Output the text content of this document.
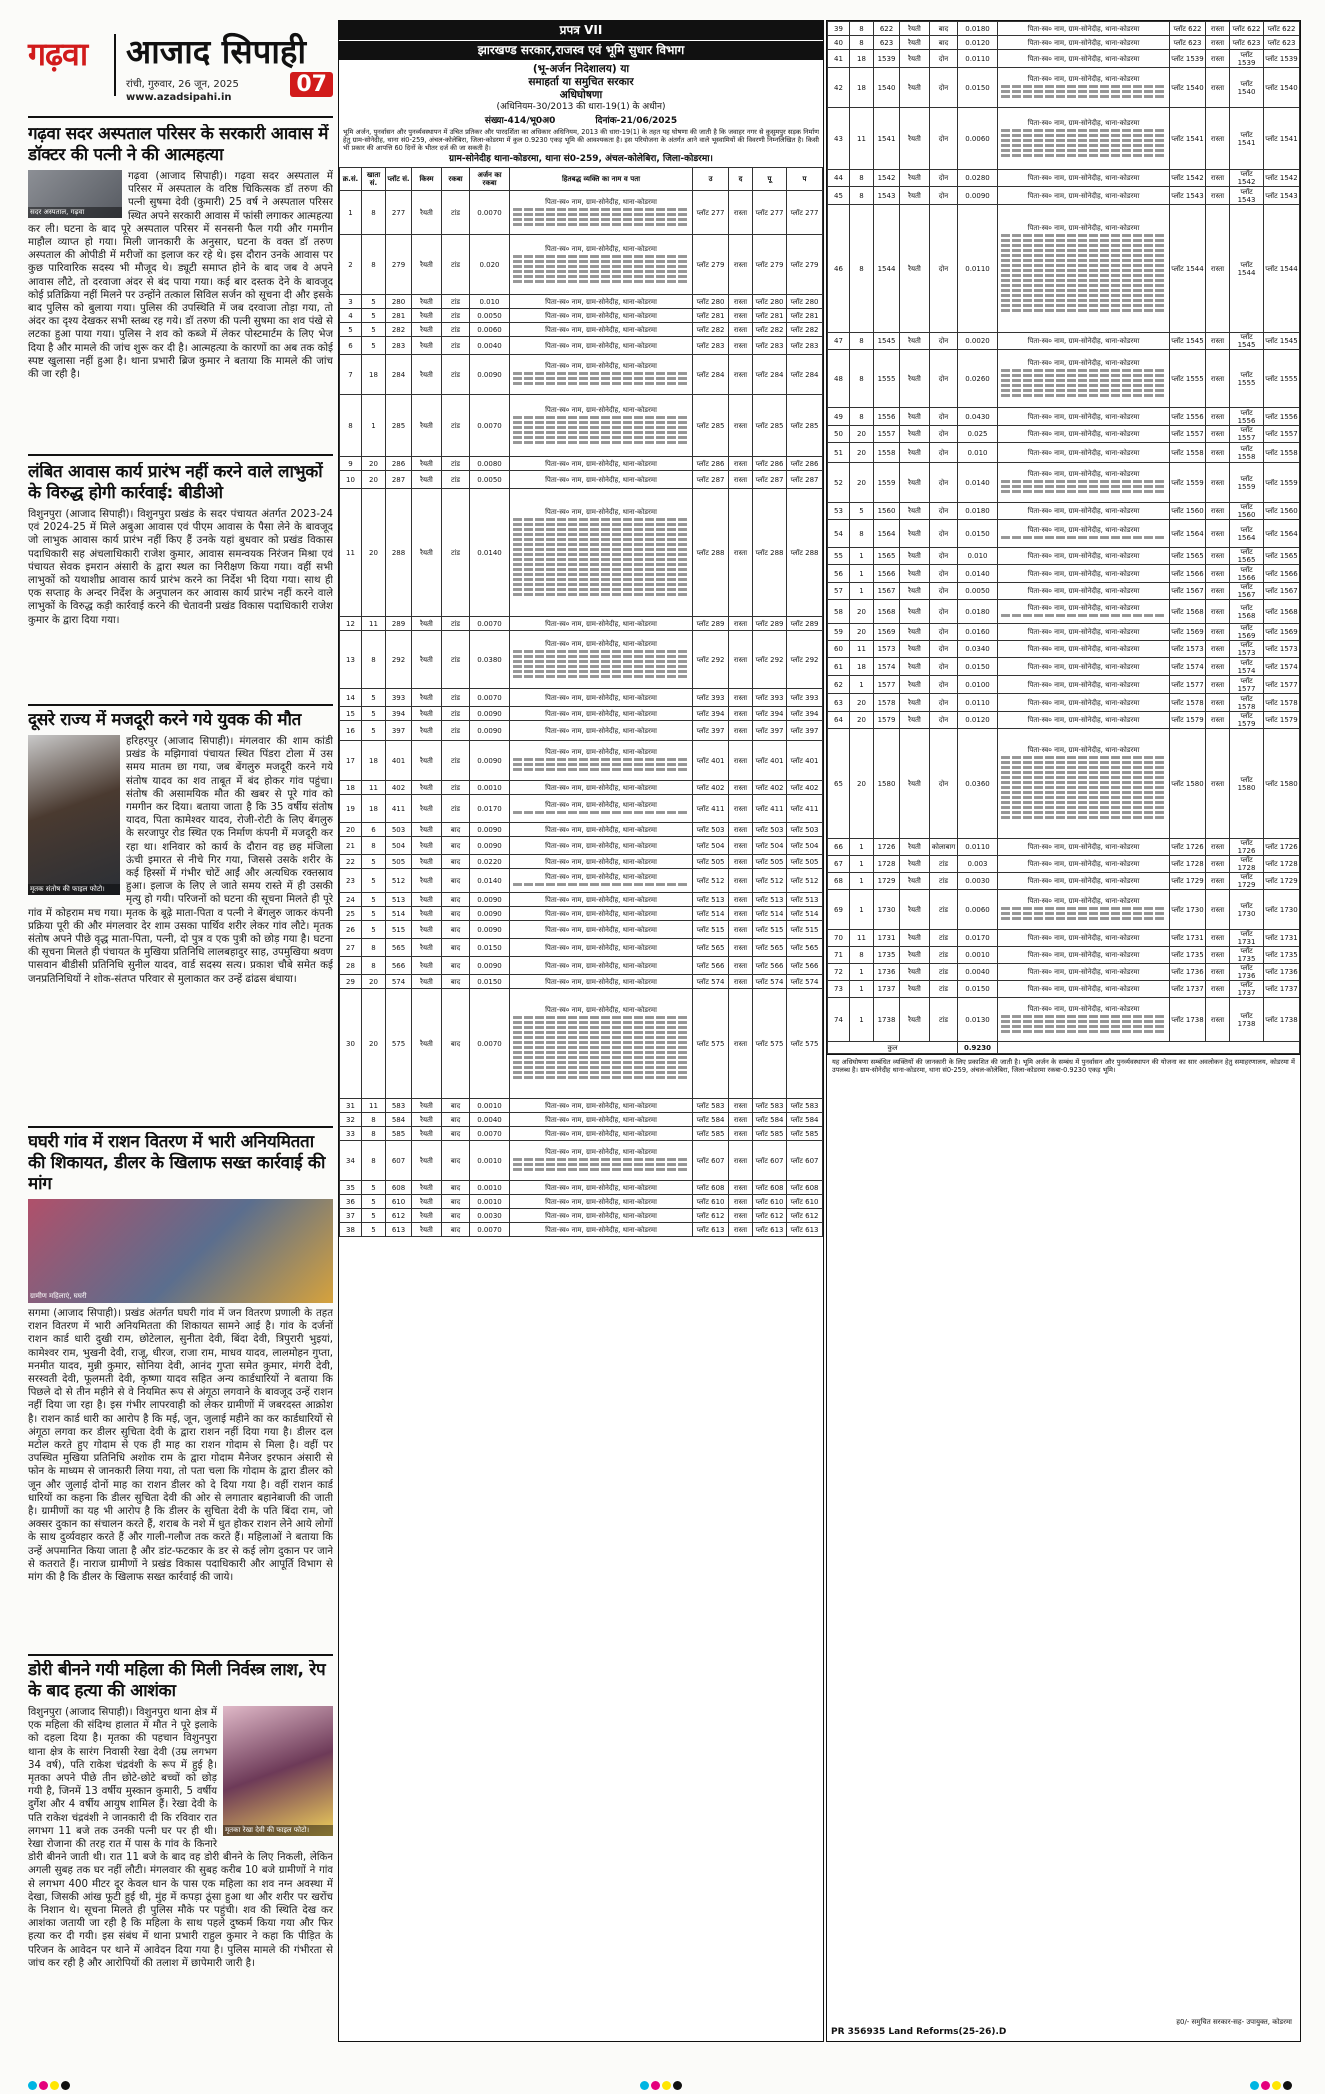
गढ़वा आजाद सिपाही
रांची, गुरुवार, 26 जून, 2025
www.azadsipahi.in
07
गढ़वा सदर अस्पताल परिसर के सरकारी आवास में डॉक्टर की पत्नी ने की आत्महत्या
सदर अस्पताल, गढ़वा

गढ़वा (आजाद सिपाही)। गढ़वा सदर अस्पताल में परिसर में अस्पताल के वरिष्ठ चिकित्सक डॉ तरुण की पत्नी सुषमा देवी (कुमारी) 25 वर्ष ने अस्पताल परिसर स्थित अपने सरकारी आवास में फांसी लगाकर आत्महत्या कर ली। घटना के बाद पूरे अस्पताल परिसर में सनसनी फैल गयी और गमगीन माहौल व्याप्त हो गया। मिली जानकारी के अनुसार, घटना के वक्त डॉ तरुण अस्पताल की ओपीडी में मरीजों का इलाज कर रहे थे। इस दौरान उनके आवास पर कुछ पारिवारिक सदस्य भी मौजूद थे। ड्यूटी समाप्त होने के बाद जब वे अपने आवास लौटे, तो दरवाजा अंदर से बंद पाया गया। कई बार दस्तक देने के बावजूद कोई प्रतिक्रिया नहीं मिलने पर उन्होंने तत्काल सिविल सर्जन को सूचना दी और इसके बाद पुलिस को बुलाया गया। पुलिस की उपस्थिति में जब दरवाजा तोड़ा गया, तो अंदर का दृश्य देखकर सभी स्तब्ध रह गये। डॉ तरुण की पत्नी सुषमा का शव पंखे से लटका हुआ पाया गया। पुलिस ने शव को कब्जे में लेकर पोस्टमार्टम के लिए भेज दिया है और मामले की जांच शुरू कर दी है। आत्महत्या के कारणों का अब तक कोई स्पष्ट खुलासा नहीं हुआ है। थाना प्रभारी ब्रिज कुमार ने बताया कि मामले की जांच की जा रही है।

लंबित आवास कार्य प्रारंभ नहीं करने वाले लाभुकों के विरुद्ध होगी कार्रवाई: बीडीओ

विशुनपुरा (आजाद सिपाही)। विशुनपुरा प्रखंड के सदर पंचायत अंतर्गत 2023-24 एवं 2024-25 में मिले अबुआ आवास एवं पीएम आवास के पैसा लेने के बावजूद जो लाभुक आवास कार्य प्रारंभ नहीं किए हैं उनके यहां बुधवार को प्रखंड विकास पदाधिकारी सह अंचलाधिकारी राजेश कुमार, आवास समन्वयक निरंजन मिश्रा एवं पंचायत सेवक इमरान अंसारी के द्वारा स्थल का निरीक्षण किया गया। वहीं सभी लाभुकों को यथाशीघ्र आवास कार्य प्रारंभ करने का निर्देश भी दिया गया। साथ ही एक सप्ताह के अन्दर निर्देश के अनुपालन कर आवास कार्य प्रारंभ नहीं करने वाले लाभुकों के विरुद्ध कड़ी कार्रवाई करने की चेतावनी प्रखंड विकास पदाधिकारी राजेश कुमार के द्वारा दिया गया।

दूसरे राज्य में मजदूरी करने गये युवक की मौत
मृतक संतोष की फाइल फोटो।

हरिहरपुर (आजाद सिपाही)। मंगलवार की शाम कांडी प्रखंड के मझिगावां पंचायत स्थित पिंडरा टोला में उस समय मातम छा गया, जब बेंगलुरु मजदूरी करने गये संतोष यादव का शव ताबूत में बंद होकर गांव पहुंचा। संतोष की असामयिक मौत की खबर से पूरे गांव को गमगीन कर दिया। बताया जाता है कि 35 वर्षीय संतोष यादव, पिता कामेश्वर यादव, रोजी-रोटी के लिए बेंगलुरु के सरजापुर रोड स्थित एक निर्माण कंपनी में मजदूरी कर रहा था। शनिवार को कार्य के दौरान वह छह मंजिला ऊंची इमारत से नीचे गिर गया, जिससे उसके शरीर के कई हिस्सों में गंभीर चोटें आईं और अत्यधिक रक्तस्राव हुआ। इलाज के लिए ले जाते समय रास्ते में ही उसकी मृत्यु हो गयी। परिजनों को घटना की सूचना मिलते ही पूरे गांव में कोहराम मच गया। मृतक के बूढ़े माता-पिता व पत्नी ने बेंगलुरु जाकर कंपनी प्रक्रिया पूरी की और मंगलवार देर शाम उसका पार्थिव शरीर लेकर गांव लौटे। मृतक संतोष अपने पीछे वृद्ध माता-पिता, पत्नी, दो पुत्र व एक पुत्री को छोड़ गया है। घटना की सूचना मिलते ही पंचायत के मुखिया प्रतिनिधि लालबहादुर साह, उपमुखिया श्रवण पासवान बीडीसी प्रतिनिधि सुनील यादव, वार्ड सदस्य सत्य। प्रकाश चौबे समेत कई जनप्रतिनिधियों ने शोक-संतप्त परिवार से मुलाकात कर उन्हें ढांढस बंधाया।

घघरी गांव में राशन वितरण में भारी अनियमितता की शिकायत, डीलर के खिलाफ सख्त कार्रवाई की मांग
ग्रामीण महिलाएं, घघरी

सगमा (आजाद सिपाही)। प्रखंड अंतर्गत घघरी गांव में जन वितरण प्रणाली के तहत राशन वितरण में भारी अनियमितता की शिकायत सामने आई है। गांव के दर्जनों राशन कार्ड धारी दुखी राम, छोटेलाल, सुनीता देवी, बिंदा देवी, त्रिपुरारी भुइयां, कामेश्वर राम, भुखनी देवी, राजू, धीरज, राजा राम, माधव यादव, लालमोहन गुप्ता, मनमीत यादव, मुन्नी कुमार, सोनिया देवी, आनंद गुप्ता समेत कुमार, मंगरी देवी, सरस्वती देवी, फूलमती देवी, कृष्णा यादव सहित अन्य कार्डधारियों ने बताया कि पिछले दो से तीन महीने से वे नियमित रूप से अंगूठा लगवाने के बावजूद उन्हें राशन नहीं दिया जा रहा है। इस गंभीर लापरवाही को लेकर ग्रामीणों में जबरदस्त आक्रोश है। राशन कार्ड धारी का आरोप है कि मई, जून, जुलाई महीने का कर कार्डधारियों से अंगूठा लगवा कर डीलर सुचिता देवी के द्वारा राशन नहीं दिया गया है। डीलर दल मटोल करते हुए गोदाम से एक ही माह का राशन गोदाम से मिला है। वहीं पर उपस्थित मुखिया प्रतिनिधि अशोक राम के द्वारा गोदाम मैनेजर इरफान अंसारी से फोन के माध्यम से जानकारी लिया गया, तो पता चला कि गोदाम के द्वारा डीलर को जून और जुलाई दोनों माह का राशन डीलर को दे दिया गया है। वहीं राशन कार्ड धारियों का कहना कि डीलर सुचिता देवी की ओर से लगातार बहानेबाजी की जाती है। ग्रामीणों का यह भी आरोप है कि डीलर के सुचिता देवी के पति बिंदा राम, जो अक्सर दुकान का संचालन करते हैं, शराब के नशे में धुत होकर राशन लेने आये लोगों के साथ दुर्व्यवहार करते हैं और गाली-गलौज तक करते हैं। महिलाओं ने बताया कि उन्हें अपमानित किया जाता है और डांट-फटकार के डर से कई लोग दुकान पर जाने से कतराते हैं। नाराज ग्रामीणों ने प्रखंड विकास पदाधिकारी और आपूर्ति विभाग से मांग की है कि डीलर के खिलाफ सख्त कार्रवाई की जाये।

डोरी बीनने गयी महिला की मिली निर्वस्त्र लाश, रेप के बाद हत्या की आशंका
मृतका रेखा देवी की फाइल फोटो।

विशुनपुरा (आजाद सिपाही)। विशुनपुरा थाना क्षेत्र में एक महिला की संदिग्ध हालात में मौत ने पूरे इलाके को दहला दिया है। मृतका की पहचान विशुनपुरा थाना क्षेत्र के सारंग निवासी रेखा देवी (उम्र लगभग 34 वर्ष), पति राकेश चंद्रवंशी के रूप में हुई है। मृतका अपने पीछे तीन छोटे-छोटे बच्चों को छोड़ गयी है, जिनमें 13 वर्षीय मुस्कान कुमारी, 5 वर्षीय दुर्गेश और 4 वर्षीय आयुष शामिल हैं। रेखा देवी के पति राकेश चंद्रवंशी ने जानकारी दी कि रविवार रात लगभग 11 बजे तक उनकी पत्नी घर पर ही थी। रेखा रोजाना की तरह रात में पास के गांव के किनारे डोरी बीनने जाती थी। रात 11 बजे के बाद वह डोरी बीनने के लिए निकली, लेकिन अगली सुबह तक घर नहीं लौटी। मंगलवार की सुबह करीब 10 बजे ग्रामीणों ने गांव से लगभग 400 मीटर दूर केवल धान के पास एक महिला का शव नग्न अवस्था में देखा, जिसकी आंख फूटी हुई थी, मुंह में कपड़ा ठूंसा हुआ था और शरीर पर खरोंच के निशान थे। सूचना मिलते ही पुलिस मौके पर पहुंची। शव की स्थिति देख कर आशंका जतायी जा रही है कि महिला के साथ पहले दुष्कर्म किया गया और फिर हत्या कर दी गयी। इस संबंध में थाना प्रभारी राहुल कुमार ने कहा कि पीड़ित के परिजन के आवेदन पर थाने में आवेदन दिया गया है। पुलिस मामले की गंभीरता से जांच कर रही है और आरोपियों की तलाश में छापेमारी जारी है।

प्रपत्र VII
झारखण्ड सरकार,राजस्व एवं भूमि सुधार विभाग
(भू-अर्जन निदेशालय) या
समाहर्ता या समुचित सरकार
अधिघोषणा
(अधिनियम-30/2013 की धारा-19(1) के अधीन)
संख्या-414/भू0अ0	दिनांक-21/06/2025
भूमि अर्जन, पुनर्वासन और पुनर्व्यवस्थापन में उचित प्रतिकर और पारदर्शिता का अधिकार अधिनियम, 2013 की धारा-19(1) के तहत यह घोषणा की जाती है कि जवाहर नगर से कुसुमपुर सड़क निर्माण हेतु ग्राम-सोनेदीह, थाना सं0-259, अंचल-कोलेबिरा, जिला-कोडरमा में कुल 0.9230 एकड़ भूमि की आवश्यकता है। इस परियोजना के अंतर्गत आने वाले भूस्वामियों की विवरणी निम्नलिखित है। किसी भी प्रकार की आपत्ति 60 दिनों के भीतर दर्ज की जा सकती है।
ग्राम-सोनेदीह थाना-कोडरमा, थाना सं0-259, अंचल-कोलेबिरा, जिला-कोडरमा।
क्र.सं.	खाता सं.	प्लॉट सं.	किस्म	रकबा	अर्जन का रकबा	हितबद्ध व्यक्ति का नाम व पता	उ	द	पू	प
1	8	277	रैयती	टांड	0.0070	पिता-स्व० नाम, ग्राम-सोनेदीह, थाना-कोडरमा	प्लॉट 277	रास्ता	प्लॉट 277	प्लॉट 277
2	8	279	रैयती	टांड	0.020	पिता-स्व० नाम, ग्राम-सोनेदीह, थाना-कोडरमा	प्लॉट 279	रास्ता	प्लॉट 279	प्लॉट 279
3	5	280	रैयती	टांड	0.010	पिता-स्व० नाम, ग्राम-सोनेदीह, थाना-कोडरमा	प्लॉट 280	रास्ता	प्लॉट 280	प्लॉट 280
4	5	281	रैयती	टांड	0.0050	पिता-स्व० नाम, ग्राम-सोनेदीह, थाना-कोडरमा	प्लॉट 281	रास्ता	प्लॉट 281	प्लॉट 281
5	5	282	रैयती	टांड	0.0060	पिता-स्व० नाम, ग्राम-सोनेदीह, थाना-कोडरमा	प्लॉट 282	रास्ता	प्लॉट 282	प्लॉट 282
6	5	283	रैयती	टांड	0.0040	पिता-स्व० नाम, ग्राम-सोनेदीह, थाना-कोडरमा	प्लॉट 283	रास्ता	प्लॉट 283	प्लॉट 283
7	18	284	रैयती	टांड	0.0090	पिता-स्व० नाम, ग्राम-सोनेदीह, थाना-कोडरमा	प्लॉट 284	रास्ता	प्लॉट 284	प्लॉट 284
8	1	285	रैयती	टांड	0.0070	पिता-स्व० नाम, ग्राम-सोनेदीह, थाना-कोडरमा	प्लॉट 285	रास्ता	प्लॉट 285	प्लॉट 285
9	20	286	रैयती	टांड	0.0080	पिता-स्व० नाम, ग्राम-सोनेदीह, थाना-कोडरमा	प्लॉट 286	रास्ता	प्लॉट 286	प्लॉट 286
10	20	287	रैयती	टांड	0.0050	पिता-स्व० नाम, ग्राम-सोनेदीह, थाना-कोडरमा	प्लॉट 287	रास्ता	प्लॉट 287	प्लॉट 287
11	20	288	रैयती	टांड	0.0140	पिता-स्व० नाम, ग्राम-सोनेदीह, थाना-कोडरमा	प्लॉट 288	रास्ता	प्लॉट 288	प्लॉट 288
12	11	289	रैयती	टांड	0.0070	पिता-स्व० नाम, ग्राम-सोनेदीह, थाना-कोडरमा	प्लॉट 289	रास्ता	प्लॉट 289	प्लॉट 289
13	8	292	रैयती	टांड	0.0380	पिता-स्व० नाम, ग्राम-सोनेदीह, थाना-कोडरमा	प्लॉट 292	रास्ता	प्लॉट 292	प्लॉट 292
14	5	393	रैयती	टांड	0.0070	पिता-स्व० नाम, ग्राम-सोनेदीह, थाना-कोडरमा	प्लॉट 393	रास्ता	प्लॉट 393	प्लॉट 393
15	5	394	रैयती	टांड	0.0090	पिता-स्व० नाम, ग्राम-सोनेदीह, थाना-कोडरमा	प्लॉट 394	रास्ता	प्लॉट 394	प्लॉट 394
16	5	397	रैयती	टांड	0.0090	पिता-स्व० नाम, ग्राम-सोनेदीह, थाना-कोडरमा	प्लॉट 397	रास्ता	प्लॉट 397	प्लॉट 397
17	18	401	रैयती	टांड	0.0090	पिता-स्व० नाम, ग्राम-सोनेदीह, थाना-कोडरमा	प्लॉट 401	रास्ता	प्लॉट 401	प्लॉट 401
18	11	402	रैयती	टांड	0.0010	पिता-स्व० नाम, ग्राम-सोनेदीह, थाना-कोडरमा	प्लॉट 402	रास्ता	प्लॉट 402	प्लॉट 402
19	18	411	रैयती	टांड	0.0170	पिता-स्व० नाम, ग्राम-सोनेदीह, थाना-कोडरमा	प्लॉट 411	रास्ता	प्लॉट 411	प्लॉट 411
20	6	503	रैयती	बाद	0.0090	पिता-स्व० नाम, ग्राम-सोनेदीह, थाना-कोडरमा	प्लॉट 503	रास्ता	प्लॉट 503	प्लॉट 503
21	8	504	रैयती	बाद	0.0090	पिता-स्व० नाम, ग्राम-सोनेदीह, थाना-कोडरमा	प्लॉट 504	रास्ता	प्लॉट 504	प्लॉट 504
22	5	505	रैयती	बाद	0.0220	पिता-स्व० नाम, ग्राम-सोनेदीह, थाना-कोडरमा	प्लॉट 505	रास्ता	प्लॉट 505	प्लॉट 505
23	5	512	रैयती	बाद	0.0140	पिता-स्व० नाम, ग्राम-सोनेदीह, थाना-कोडरमा	प्लॉट 512	रास्ता	प्लॉट 512	प्लॉट 512
24	5	513	रैयती	बाद	0.0090	पिता-स्व० नाम, ग्राम-सोनेदीह, थाना-कोडरमा	प्लॉट 513	रास्ता	प्लॉट 513	प्लॉट 513
25	5	514	रैयती	बाद	0.0090	पिता-स्व० नाम, ग्राम-सोनेदीह, थाना-कोडरमा	प्लॉट 514	रास्ता	प्लॉट 514	प्लॉट 514
26	5	515	रैयती	बाद	0.0090	पिता-स्व० नाम, ग्राम-सोनेदीह, थाना-कोडरमा	प्लॉट 515	रास्ता	प्लॉट 515	प्लॉट 515
27	8	565	रैयती	बाद	0.0150	पिता-स्व० नाम, ग्राम-सोनेदीह, थाना-कोडरमा	प्लॉट 565	रास्ता	प्लॉट 565	प्लॉट 565
28	8	566	रैयती	बाद	0.0090	पिता-स्व० नाम, ग्राम-सोनेदीह, थाना-कोडरमा	प्लॉट 566	रास्ता	प्लॉट 566	प्लॉट 566
29	20	574	रैयती	बाद	0.0150	पिता-स्व० नाम, ग्राम-सोनेदीह, थाना-कोडरमा	प्लॉट 574	रास्ता	प्लॉट 574	प्लॉट 574
30	20	575	रैयती	बाद	0.0070	पिता-स्व० नाम, ग्राम-सोनेदीह, थाना-कोडरमा	प्लॉट 575	रास्ता	प्लॉट 575	प्लॉट 575
31	11	583	रैयती	बाद	0.0010	पिता-स्व० नाम, ग्राम-सोनेदीह, थाना-कोडरमा	प्लॉट 583	रास्ता	प्लॉट 583	प्लॉट 583
32	8	584	रैयती	बाद	0.0040	पिता-स्व० नाम, ग्राम-सोनेदीह, थाना-कोडरमा	प्लॉट 584	रास्ता	प्लॉट 584	प्लॉट 584
33	8	585	रैयती	बाद	0.0070	पिता-स्व० नाम, ग्राम-सोनेदीह, थाना-कोडरमा	प्लॉट 585	रास्ता	प्लॉट 585	प्लॉट 585
34	8	607	रैयती	बाद	0.0010	पिता-स्व० नाम, ग्राम-सोनेदीह, थाना-कोडरमा	प्लॉट 607	रास्ता	प्लॉट 607	प्लॉट 607
35	5	608	रैयती	बाद	0.0010	पिता-स्व० नाम, ग्राम-सोनेदीह, थाना-कोडरमा	प्लॉट 608	रास्ता	प्लॉट 608	प्लॉट 608
36	5	610	रैयती	बाद	0.0010	पिता-स्व० नाम, ग्राम-सोनेदीह, थाना-कोडरमा	प्लॉट 610	रास्ता	प्लॉट 610	प्लॉट 610
37	5	612	रैयती	बाद	0.0030	पिता-स्व० नाम, ग्राम-सोनेदीह, थाना-कोडरमा	प्लॉट 612	रास्ता	प्लॉट 612	प्लॉट 612
38	5	613	रैयती	बाद	0.0070	पिता-स्व० नाम, ग्राम-सोनेदीह, थाना-कोडरमा	प्लॉट 613	रास्ता	प्लॉट 613	प्लॉट 613
39	8	622	रैयती	बाद	0.0180	पिता-स्व० नाम, ग्राम-सोनेदीह, थाना-कोडरमा	प्लॉट 622	रास्ता	प्लॉट 622	प्लॉट 622
40	8	623	रैयती	बाद	0.0120	पिता-स्व० नाम, ग्राम-सोनेदीह, थाना-कोडरमा	प्लॉट 623	रास्ता	प्लॉट 623	प्लॉट 623
41	18	1539	रैयती	दोन	0.0110	पिता-स्व० नाम, ग्राम-सोनेदीह, थाना-कोडरमा	प्लॉट 1539	रास्ता	प्लॉट 1539	प्लॉट 1539
42	18	1540	रैयती	दोन	0.0150	पिता-स्व० नाम, ग्राम-सोनेदीह, थाना-कोडरमा	प्लॉट 1540	रास्ता	प्लॉट 1540	प्लॉट 1540
43	11	1541	रैयती	दोन	0.0060	पिता-स्व० नाम, ग्राम-सोनेदीह, थाना-कोडरमा	प्लॉट 1541	रास्ता	प्लॉट 1541	प्लॉट 1541
44	8	1542	रैयती	दोन	0.0280	पिता-स्व० नाम, ग्राम-सोनेदीह, थाना-कोडरमा	प्लॉट 1542	रास्ता	प्लॉट 1542	प्लॉट 1542
45	8	1543	रैयती	दोन	0.0090	पिता-स्व० नाम, ग्राम-सोनेदीह, थाना-कोडरमा	प्लॉट 1543	रास्ता	प्लॉट 1543	प्लॉट 1543
46	8	1544	रैयती	दोन	0.0110	पिता-स्व० नाम, ग्राम-सोनेदीह, थाना-कोडरमा	प्लॉट 1544	रास्ता	प्लॉट 1544	प्लॉट 1544
47	8	1545	रैयती	दोन	0.0020	पिता-स्व० नाम, ग्राम-सोनेदीह, थाना-कोडरमा	प्लॉट 1545	रास्ता	प्लॉट 1545	प्लॉट 1545
48	8	1555	रैयती	दोन	0.0260	पिता-स्व० नाम, ग्राम-सोनेदीह, थाना-कोडरमा	प्लॉट 1555	रास्ता	प्लॉट 1555	प्लॉट 1555
49	8	1556	रैयती	दोन	0.0430	पिता-स्व० नाम, ग्राम-सोनेदीह, थाना-कोडरमा	प्लॉट 1556	रास्ता	प्लॉट 1556	प्लॉट 1556
50	20	1557	रैयती	दोन	0.025	पिता-स्व० नाम, ग्राम-सोनेदीह, थाना-कोडरमा	प्लॉट 1557	रास्ता	प्लॉट 1557	प्लॉट 1557
51	20	1558	रैयती	दोन	0.010	पिता-स्व० नाम, ग्राम-सोनेदीह, थाना-कोडरमा	प्लॉट 1558	रास्ता	प्लॉट 1558	प्लॉट 1558
52	20	1559	रैयती	दोन	0.0140	पिता-स्व० नाम, ग्राम-सोनेदीह, थाना-कोडरमा	प्लॉट 1559	रास्ता	प्लॉट 1559	प्लॉट 1559
53	5	1560	रैयती	दोन	0.0180	पिता-स्व० नाम, ग्राम-सोनेदीह, थाना-कोडरमा	प्लॉट 1560	रास्ता	प्लॉट 1560	प्लॉट 1560
54	8	1564	रैयती	दोन	0.0150	पिता-स्व० नाम, ग्राम-सोनेदीह, थाना-कोडरमा	प्लॉट 1564	रास्ता	प्लॉट 1564	प्लॉट 1564
55	1	1565	रैयती	दोन	0.010	पिता-स्व० नाम, ग्राम-सोनेदीह, थाना-कोडरमा	प्लॉट 1565	रास्ता	प्लॉट 1565	प्लॉट 1565
56	1	1566	रैयती	दोन	0.0140	पिता-स्व० नाम, ग्राम-सोनेदीह, थाना-कोडरमा	प्लॉट 1566	रास्ता	प्लॉट 1566	प्लॉट 1566
57	1	1567	रैयती	दोन	0.0050	पिता-स्व० नाम, ग्राम-सोनेदीह, थाना-कोडरमा	प्लॉट 1567	रास्ता	प्लॉट 1567	प्लॉट 1567
58	20	1568	रैयती	दोन	0.0180	पिता-स्व० नाम, ग्राम-सोनेदीह, थाना-कोडरमा	प्लॉट 1568	रास्ता	प्लॉट 1568	प्लॉट 1568
59	20	1569	रैयती	दोन	0.0160	पिता-स्व० नाम, ग्राम-सोनेदीह, थाना-कोडरमा	प्लॉट 1569	रास्ता	प्लॉट 1569	प्लॉट 1569
60	11	1573	रैयती	दोन	0.0340	पिता-स्व० नाम, ग्राम-सोनेदीह, थाना-कोडरमा	प्लॉट 1573	रास्ता	प्लॉट 1573	प्लॉट 1573
61	18	1574	रैयती	दोन	0.0150	पिता-स्व० नाम, ग्राम-सोनेदीह, थाना-कोडरमा	प्लॉट 1574	रास्ता	प्लॉट 1574	प्लॉट 1574
62	1	1577	रैयती	दोन	0.0100	पिता-स्व० नाम, ग्राम-सोनेदीह, थाना-कोडरमा	प्लॉट 1577	रास्ता	प्लॉट 1577	प्लॉट 1577
63	20	1578	रैयती	दोन	0.0110	पिता-स्व० नाम, ग्राम-सोनेदीह, थाना-कोडरमा	प्लॉट 1578	रास्ता	प्लॉट 1578	प्लॉट 1578
64	20	1579	रैयती	दोन	0.0120	पिता-स्व० नाम, ग्राम-सोनेदीह, थाना-कोडरमा	प्लॉट 1579	रास्ता	प्लॉट 1579	प्लॉट 1579
65	20	1580	रैयती	दोन	0.0360	पिता-स्व० नाम, ग्राम-सोनेदीह, थाना-कोडरमा	प्लॉट 1580	रास्ता	प्लॉट 1580	प्लॉट 1580
66	1	1726	रैयती	कोलाबाग	0.0110	पिता-स्व० नाम, ग्राम-सोनेदीह, थाना-कोडरमा	प्लॉट 1726	रास्ता	प्लॉट 1726	प्लॉट 1726
67	1	1728	रैयती	टांड	0.003	पिता-स्व० नाम, ग्राम-सोनेदीह, थाना-कोडरमा	प्लॉट 1728	रास्ता	प्लॉट 1728	प्लॉट 1728
68	1	1729	रैयती	टांड	0.0030	पिता-स्व० नाम, ग्राम-सोनेदीह, थाना-कोडरमा	प्लॉट 1729	रास्ता	प्लॉट 1729	प्लॉट 1729
69	1	1730	रैयती	टांड	0.0060	पिता-स्व० नाम, ग्राम-सोनेदीह, थाना-कोडरमा	प्लॉट 1730	रास्ता	प्लॉट 1730	प्लॉट 1730
70	11	1731	रैयती	टांड	0.0170	पिता-स्व० नाम, ग्राम-सोनेदीह, थाना-कोडरमा	प्लॉट 1731	रास्ता	प्लॉट 1731	प्लॉट 1731
71	8	1735	रैयती	टांड	0.0010	पिता-स्व० नाम, ग्राम-सोनेदीह, थाना-कोडरमा	प्लॉट 1735	रास्ता	प्लॉट 1735	प्लॉट 1735
72	1	1736	रैयती	टांड	0.0040	पिता-स्व० नाम, ग्राम-सोनेदीह, थाना-कोडरमा	प्लॉट 1736	रास्ता	प्लॉट 1736	प्लॉट 1736
73	1	1737	रैयती	टांड	0.0150	पिता-स्व० नाम, ग्राम-सोनेदीह, थाना-कोडरमा	प्लॉट 1737	रास्ता	प्लॉट 1737	प्लॉट 1737
74	1	1738	रैयती	टांड	0.0130	पिता-स्व० नाम, ग्राम-सोनेदीह, थाना-कोडरमा	प्लॉट 1738	रास्ता	प्लॉट 1738	प्लॉट 1738
कुल					0.9230					
यह अधिघोषणा सम्बंधित व्यक्तियों की जानकारी के लिए प्रकाशित की जाती है। भूमि अर्जन के सम्बंध में पुनर्वासन और पुनर्व्यवस्थापन की योजना का सार अवलोकन हेतु समाहरणालय, कोडरमा में उपलब्ध है। ग्राम-सोनेदीह थाना-कोडरमा, थाना सं0-259, अंचल-कोलेबिरा, जिला-कोडरमा रकबा-0.9230 एकड़ भूमि।
PR 356935 Land Reforms(25-26).D
ह0/- समुचित सरकार-सह- उपायुक्त, कोडरमा
